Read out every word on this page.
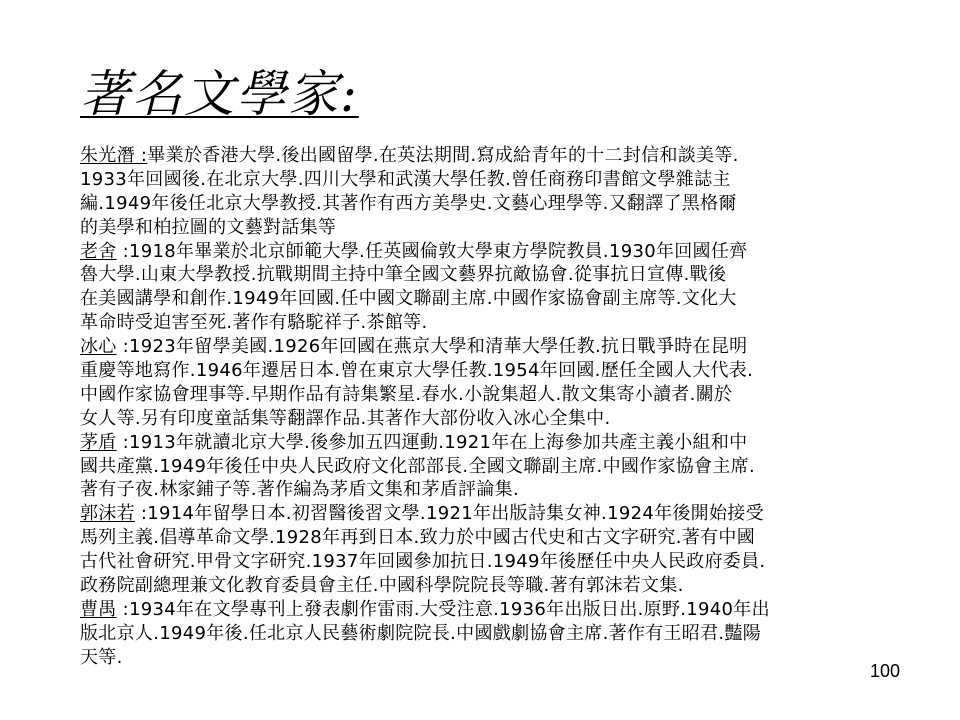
著名文學家:
朱光潛 :畢業於香港大學.後出國留學.在英法期間.寫成給青年的十二封信和談美等.
1933年回國後.在北京大學.四川大學和武漢大學任教.曾任商務印書館文學雜誌主
編.1949年後任北京大學教授.其著作有西方美學史.文藝心理學等.又翻譯了黑格爾
的美學和柏拉圖的文藝對話集等
老舍 :1918年畢業於北京師範大學.任英國倫敦大學東方學院教員.1930年回國任齊
魯大學.山東大學教授.抗戰期間主持中筆全國文藝界抗敵協會.從事抗日宣傳.戰後
在美國講學和創作.1949年回國.任中國文聯副主席.中國作家協會副主席等.文化大
革命時受迫害至死.著作有駱駝祥子.茶館等.
冰心 :1923年留學美國.1926年回國在燕京大學和清華大學任教.抗日戰爭時在昆明
重慶等地寫作.1946年遷居日本.曾在東京大學任教.1954年回國.歷任全國人大代表.
中國作家協會理事等.早期作品有詩集繁星.春水.小說集超人.散文集寄小讀者.關於
女人等.另有印度童話集等翻譯作品.其著作大部份收入冰心全集中.
茅盾 :1913年就讀北京大學.後參加五四運動.1921年在上海參加共產主義小組和中
國共產黨.1949年後任中央人民政府文化部部長.全國文聯副主席.中國作家協會主席.
著有子夜.林家鋪子等.著作編為茅盾文集和茅盾評論集.
郭沫若 :1914年留學日本.初習醫後習文學.1921年出版詩集女神.1924年後開始接受
馬列主義.倡導革命文學.1928年再到日本.致力於中國古代史和古文字研究.著有中國
古代社會研究.甲骨文字研究.1937年回國參加抗日.1949年後歷任中央人民政府委員.
政務院副總理兼文化教育委員會主任.中國科學院院長等職.著有郭沫若文集.
曹禺 :1934年在文學專刊上發表劇作雷雨.大受注意.1936年出版日出.原野.1940年出
版北京人.1949年後.任北京人民藝術劇院院長.中國戲劇協會主席.著作有王昭君.豔陽
天等.
100
